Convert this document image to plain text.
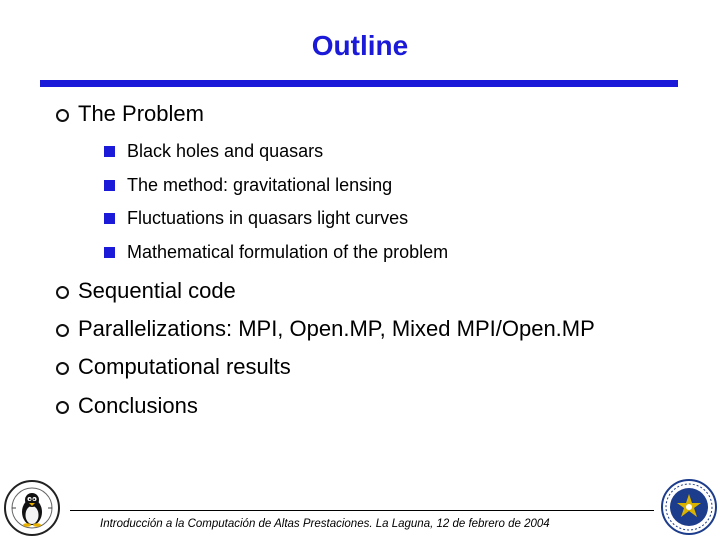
Outline
The Problem
Black holes and quasars
The method: gravitational lensing
Fluctuations in quasars light curves
Mathematical formulation of the problem
Sequential code
Parallelizations: MPI, Open.MP, Mixed MPI/Open.MP
Computational results
Conclusions
Introducción a la Computación de Altas Prestaciones. La Laguna, 12 de febrero de 2004
